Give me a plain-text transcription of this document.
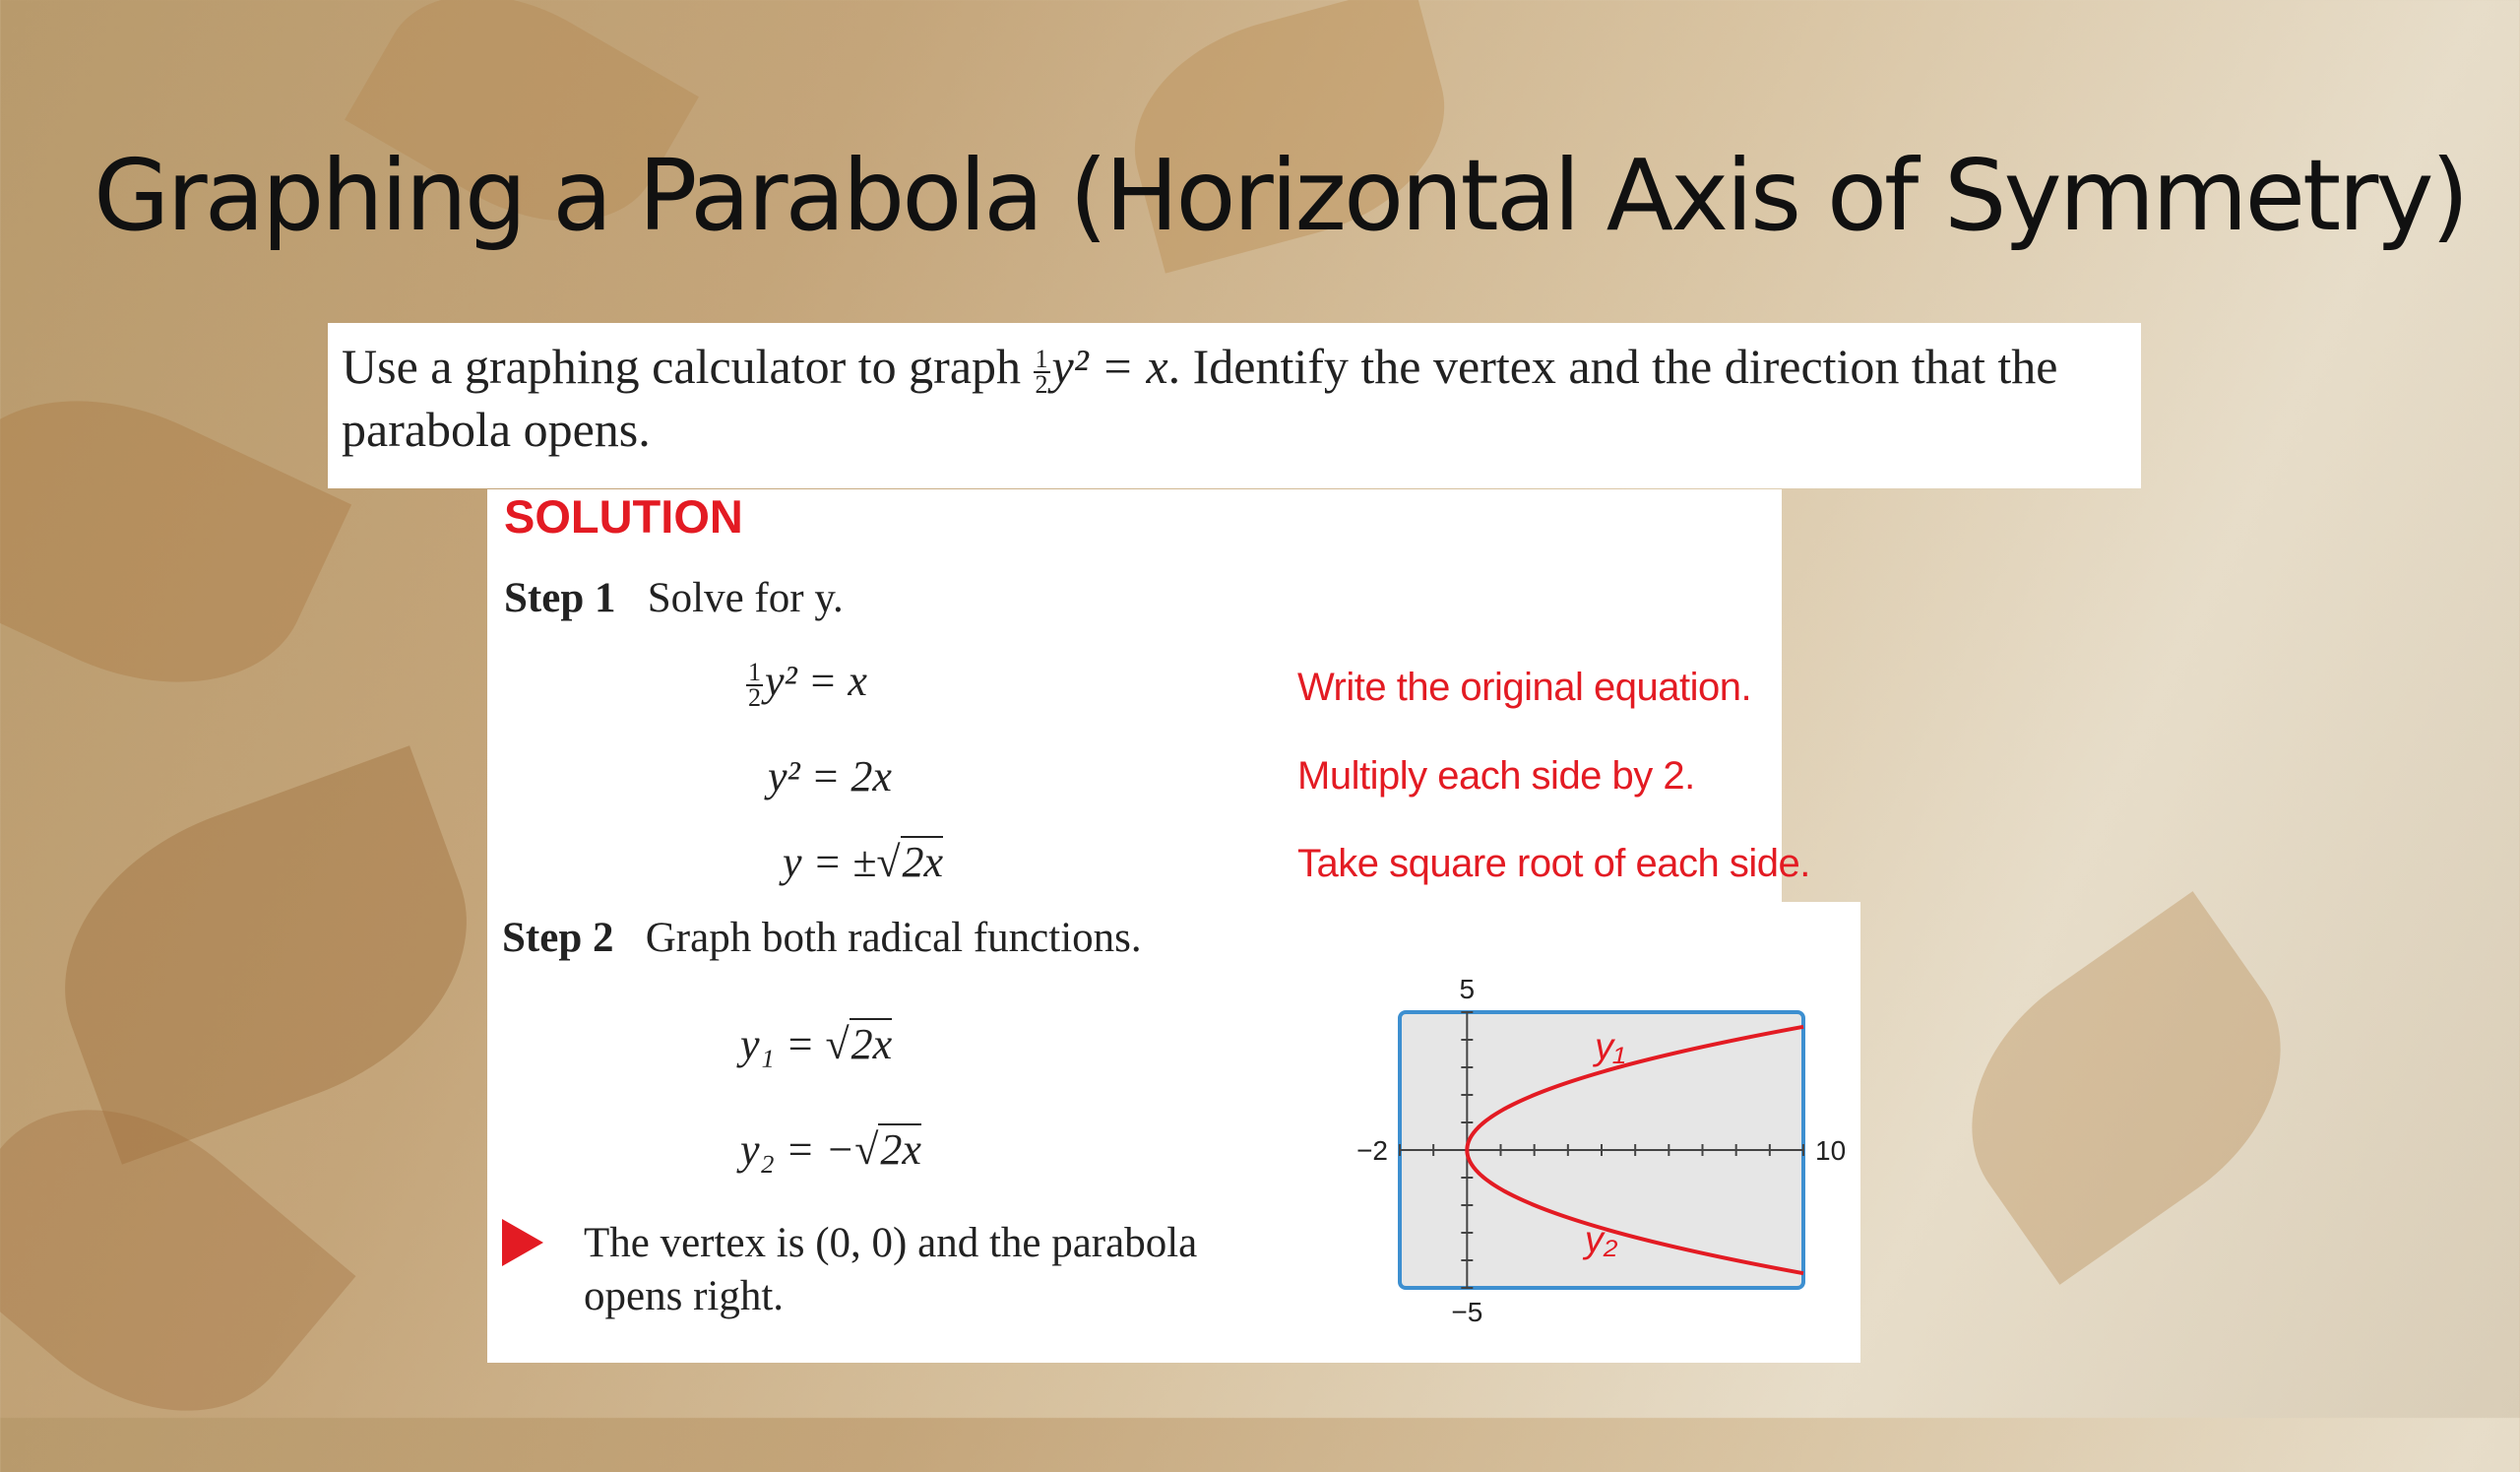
Graphing a Parabola (Horizontal Axis of Symmetry)
Use a graphing calculator to graph $\frac{1}{2} y^2 = x$. Identify the vertex and the direction that the parabola opens.
SOLUTION
Step 1 Solve for y.
$\frac{1}{2} y^2 = x$
y² = 2x
y = ±√2x
Write the original equation.
Multiply each side by 2.
Take square root of each side.
Step 2 Graph both radical functions.
y₁ = √2x
y₂ = −√2x
The vertex is (0, 0) and the parabola
opens right.
y₁
y₂
5
−5
−2	10
